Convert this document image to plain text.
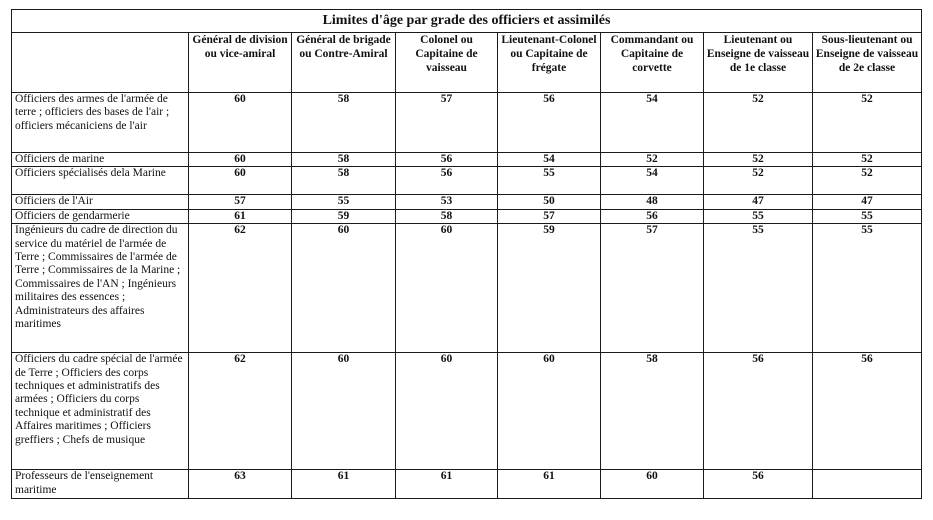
Limites d'âge par grade des officiers et assimilés							
	Général de division ou vice-amiral	Général de brigade ou Contre-Amiral	Colonel ou Capitaine de vaisseau	Lieutenant-Colonel ou Capitaine de frégate	Commandant ou Capitaine de corvette	Lieutenant ou Enseigne de vaisseau de 1e classe	Sous-lieutenant ou Enseigne de vaisseau de 2e classe
Officiers des armes de l'armée de terre ; officiers des bases de l'air ; officiers mécaniciens de l'air	60	58	57	56	54	52	52
Officiers de marine	60	58	56	54	52	52	52
Officiers spécialisés dela Marine	60	58	56	55	54	52	52
Officiers de l'Air	57	55	53	50	48	47	47
Officiers de gendarmerie	61	59	58	57	56	55	55
Ingénieurs du cadre de direction du service du matériel de l'armée de Terre ; Commissaires de l'armée de Terre ; Commissaires de la Marine ; Commissaires de l'AN ; Ingénieurs militaires des essences ; Administrateurs des affaires maritimes	62	60	60	59	57	55	55
Officiers du cadre spécial de l'armée de Terre ; Officiers des corps techniques et administratifs des armées ; Officiers du corps technique et administratif des Affaires maritimes ; Officiers greffiers ; Chefs de musique	62	60	60	60	58	56	56
Professeurs de l'enseignement maritime	63	61	61	61	60	56	
